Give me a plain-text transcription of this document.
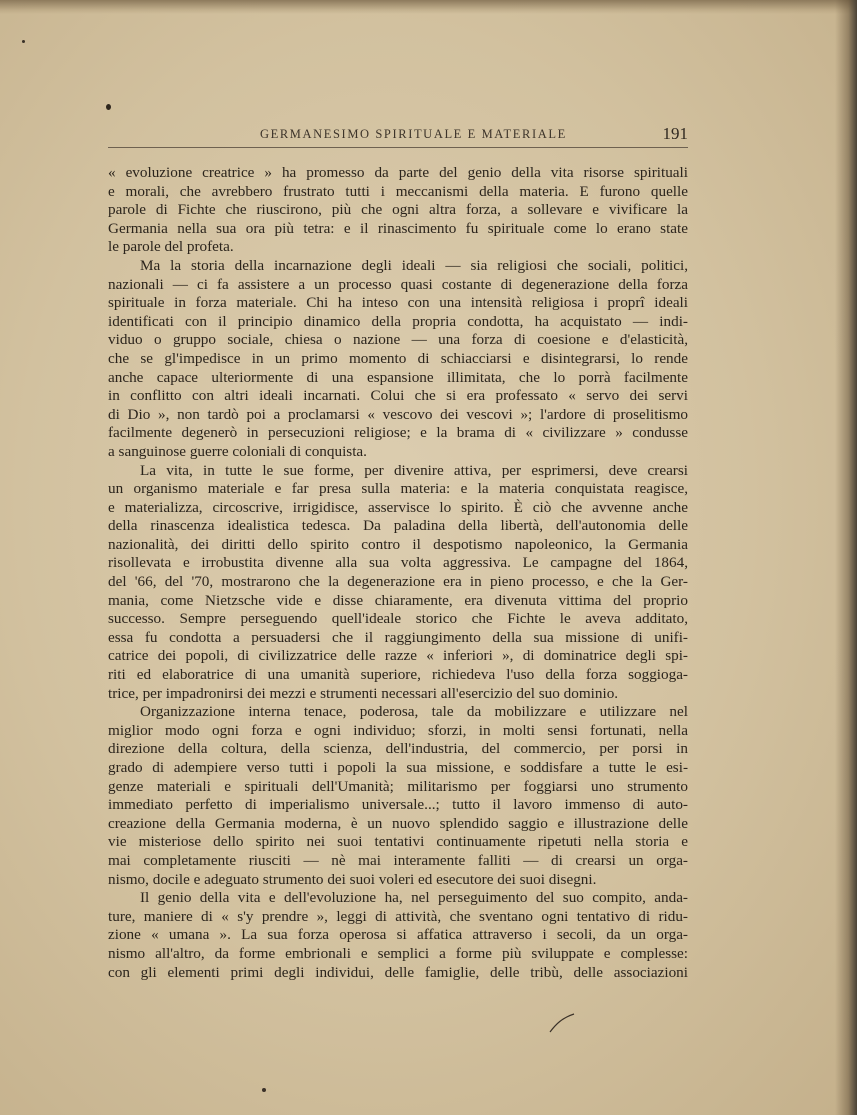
GERMANESIMO SPIRITUALE E MATERIALE	191
« evoluzione creatrice » ha promesso da parte del genio della vita risorse spirituali
e morali, che avrebbero frustrato tutti i meccanismi della materia. E furono quelle
parole di Fichte che riuscirono, più che ogni altra forza, a sollevare e vivificare la
Germania nella sua ora più tetra: e il rinascimento fu spirituale come lo erano state
le parole del profeta.
Ma la storia della incarnazione degli ideali — sia religiosi che sociali, politici,
nazionali — ci fa assistere a un processo quasi costante di degenerazione della forza
spirituale in forza materiale. Chi ha inteso con una intensità religiosa i proprî ideali
identificati con il principio dinamico della propria condotta, ha acquistato — indi-
viduo o gruppo sociale, chiesa o nazione — una forza di coesione e d'elasticità,
che se gl'impedisce in un primo momento di schiacciarsi e disintegrarsi, lo rende
anche capace ulteriormente di una espansione illimitata, che lo porrà facilmente
in conflitto con altri ideali incarnati. Colui che si era professato « servo dei servi
di Dio », non tardò poi a proclamarsi « vescovo dei vescovi »; l'ardore di proselitismo
facilmente degenerò in persecuzioni religiose; e la brama di « civilizzare » condusse
a sanguinose guerre coloniali di conquista.
La vita, in tutte le sue forme, per divenire attiva, per esprimersi, deve crearsi
un organismo materiale e far presa sulla materia: e la materia conquistata reagisce,
e materializza, circoscrive, irrigidisce, asservisce lo spirito. È ciò che avvenne anche
della rinascenza idealistica tedesca. Da paladina della libertà, dell'autonomia delle
nazionalità, dei diritti dello spirito contro il despotismo napoleonico, la Germania
risollevata e irrobustita divenne alla sua volta aggressiva. Le campagne del 1864,
del '66, del '70, mostrarono che la degenerazione era in pieno processo, e che la Ger-
mania, come Nietzsche vide e disse chiaramente, era divenuta vittima del proprio
successo. Sempre perseguendo quell'ideale storico che Fichte le aveva additato,
essa fu condotta a persuadersi che il raggiungimento della sua missione di unifi-
catrice dei popoli, di civilizzatrice delle razze « inferiori », di dominatrice degli spi-
riti ed elaboratrice di una umanità superiore, richiedeva l'uso della forza soggioga-
trice, per impadronirsi dei mezzi e strumenti necessari all'esercizio del suo dominio.
Organizzazione interna tenace, poderosa, tale da mobilizzare e utilizzare nel
miglior modo ogni forza e ogni individuo; sforzi, in molti sensi fortunati, nella
direzione della coltura, della scienza, dell'industria, del commercio, per porsi in
grado di adempiere verso tutti i popoli la sua missione, e soddisfare a tutte le esi-
genze materiali e spirituali dell'Umanità; militarismo per foggiarsi uno strumento
immediato perfetto di imperialismo universale...; tutto il lavoro immenso di auto-
creazione della Germania moderna, è un nuovo splendido saggio e illustrazione delle
vie misteriose dello spirito nei suoi tentativi continuamente ripetuti nella storia e
mai completamente riusciti — nè mai interamente falliti — di crearsi un orga-
nismo, docile e adeguato strumento dei suoi voleri ed esecutore dei suoi disegni.
Il genio della vita e dell'evoluzione ha, nel perseguimento del suo compito, anda-
ture, maniere di « s'y prendre », leggi di attività, che sventano ogni tentativo di ridu-
zione « umana ». La sua forza operosa si affatica attraverso i secoli, da un orga-
nismo all'altro, da forme embrionali e semplici a forme più sviluppate e complesse:
con gli elementi primi degli individui, delle famiglie, delle tribù, delle associazioni
